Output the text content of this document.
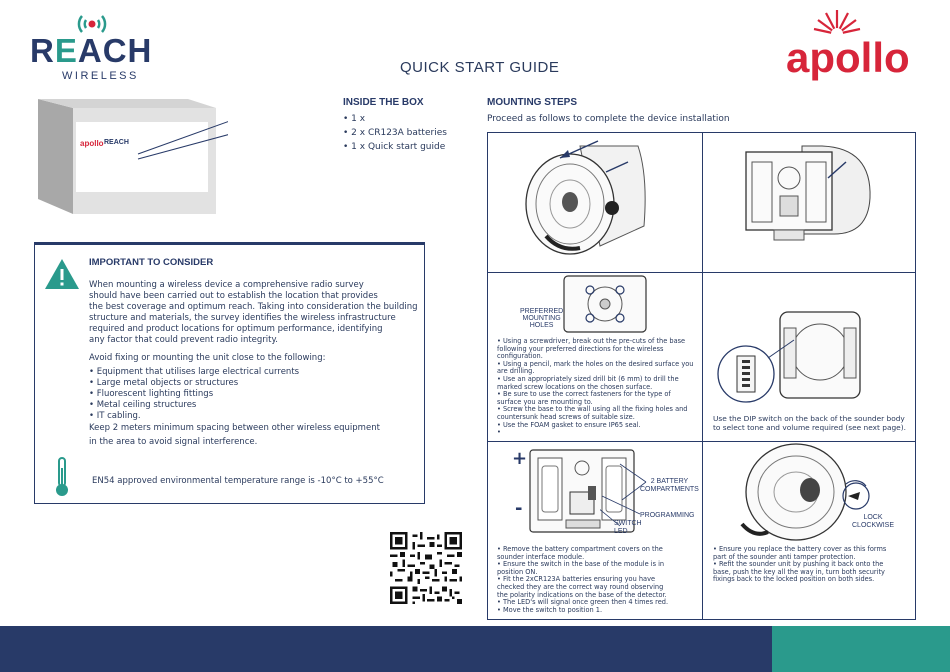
REACH
WIRELESS	apollo
QUICK START GUIDE
apollo REACH
INSIDE THE BOX
• 1 x
• 2 x CR123A batteries
• 1 x Quick start guide
IMPORTANT TO CONSIDER
When mounting a wireless device a comprehensive radio survey
should have been carried out to establish the location that provides
the best coverage and optimum reach. Taking into consideration the building
structure and materials, the survey identifies the wireless infrastructure
required and product locations for optimum performance, identifying
any factor that could prevent radio integrity.
Avoid fixing or mounting the unit close to the following:
• Equipment that utilises large electrical currents
• Large metal objects or structures
• Fluorescent lighting fittings
• Metal ceiling structures
• IT cabling.
Keep 2 meters minimum spacing between other wireless equipment
in the area to avoid signal interference.
EN54 approved environmental temperature range is -10°C to +55°C
MOUNTING STEPS
Proceed as follows to complete the device installation
PREFERRED
MOUNTING
HOLES
• Using a screwdriver, break out the pre-cuts of the base
following your preferred directions for the wireless
configuration.
• Using a pencil, mark the holes on the desired surface you
are drilling.
• Use an appropriately sized drill bit (6 mm) to drill the
marked screw locations on the chosen surface.
• Be sure to use the correct fasteners for the type of
surface you are mounting to.
• Screw the base to the wall using all the fixing holes and
countersunk head screws of suitable size.
• Use the FOAM gasket to ensure IP65 seal.
•
Use the DIP switch on the back of the sounder body
to select tone and volume required (see next page).
+
-
2 BATTERY
COMPARTMENTS
PROGRAMMING
SWITCH
LED
• Remove the battery compartment covers on the
sounder interface module.
• Ensure the switch in the base of the module is in
position ON.
• Fit the 2xCR123A batteries ensuring you have
checked they are the correct way round observing
the polarity indications on the base of the detector.
• The LED's will signal once green then 4 times red.
• Move the switch to position 1.
LOCK
CLOCKWISE
• Ensure you replace the battery cover as this forms
part of the sounder anti tamper protection.
• Refit the sounder unit by pushing it back onto the
base, push the key all the way in, turn both security
fixings back to the locked position on both sides.
